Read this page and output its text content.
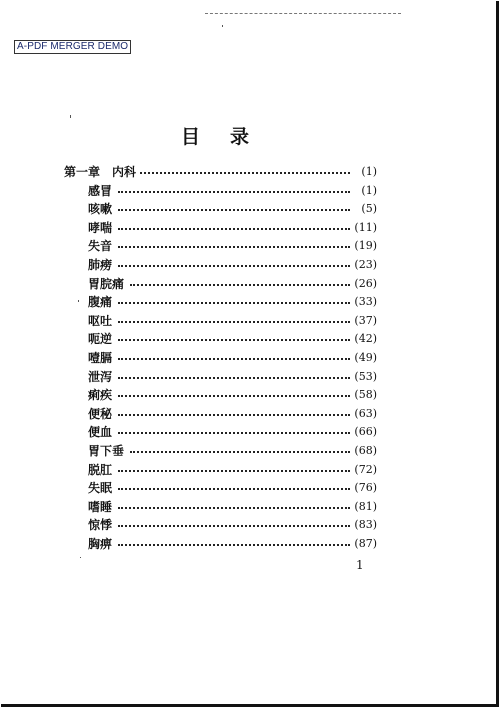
A-PDF MERGER DEMO
目 录
第一章　内科	(1)
感冒	(1)
咳嗽	(5)
哮喘	(11)
失音	(19)
肺痨	(23)
胃脘痛	(26)
腹痛	(33)
呕吐	(37)
呃逆	(42)
噎膈	(49)
泄泻	(53)
痢疾	(58)
便秘	(63)
便血	(66)
胃下垂	(68)
脱肛	(72)
失眠	(76)
嗜睡	(81)
惊悸	(83)
胸痹	(87)
1
